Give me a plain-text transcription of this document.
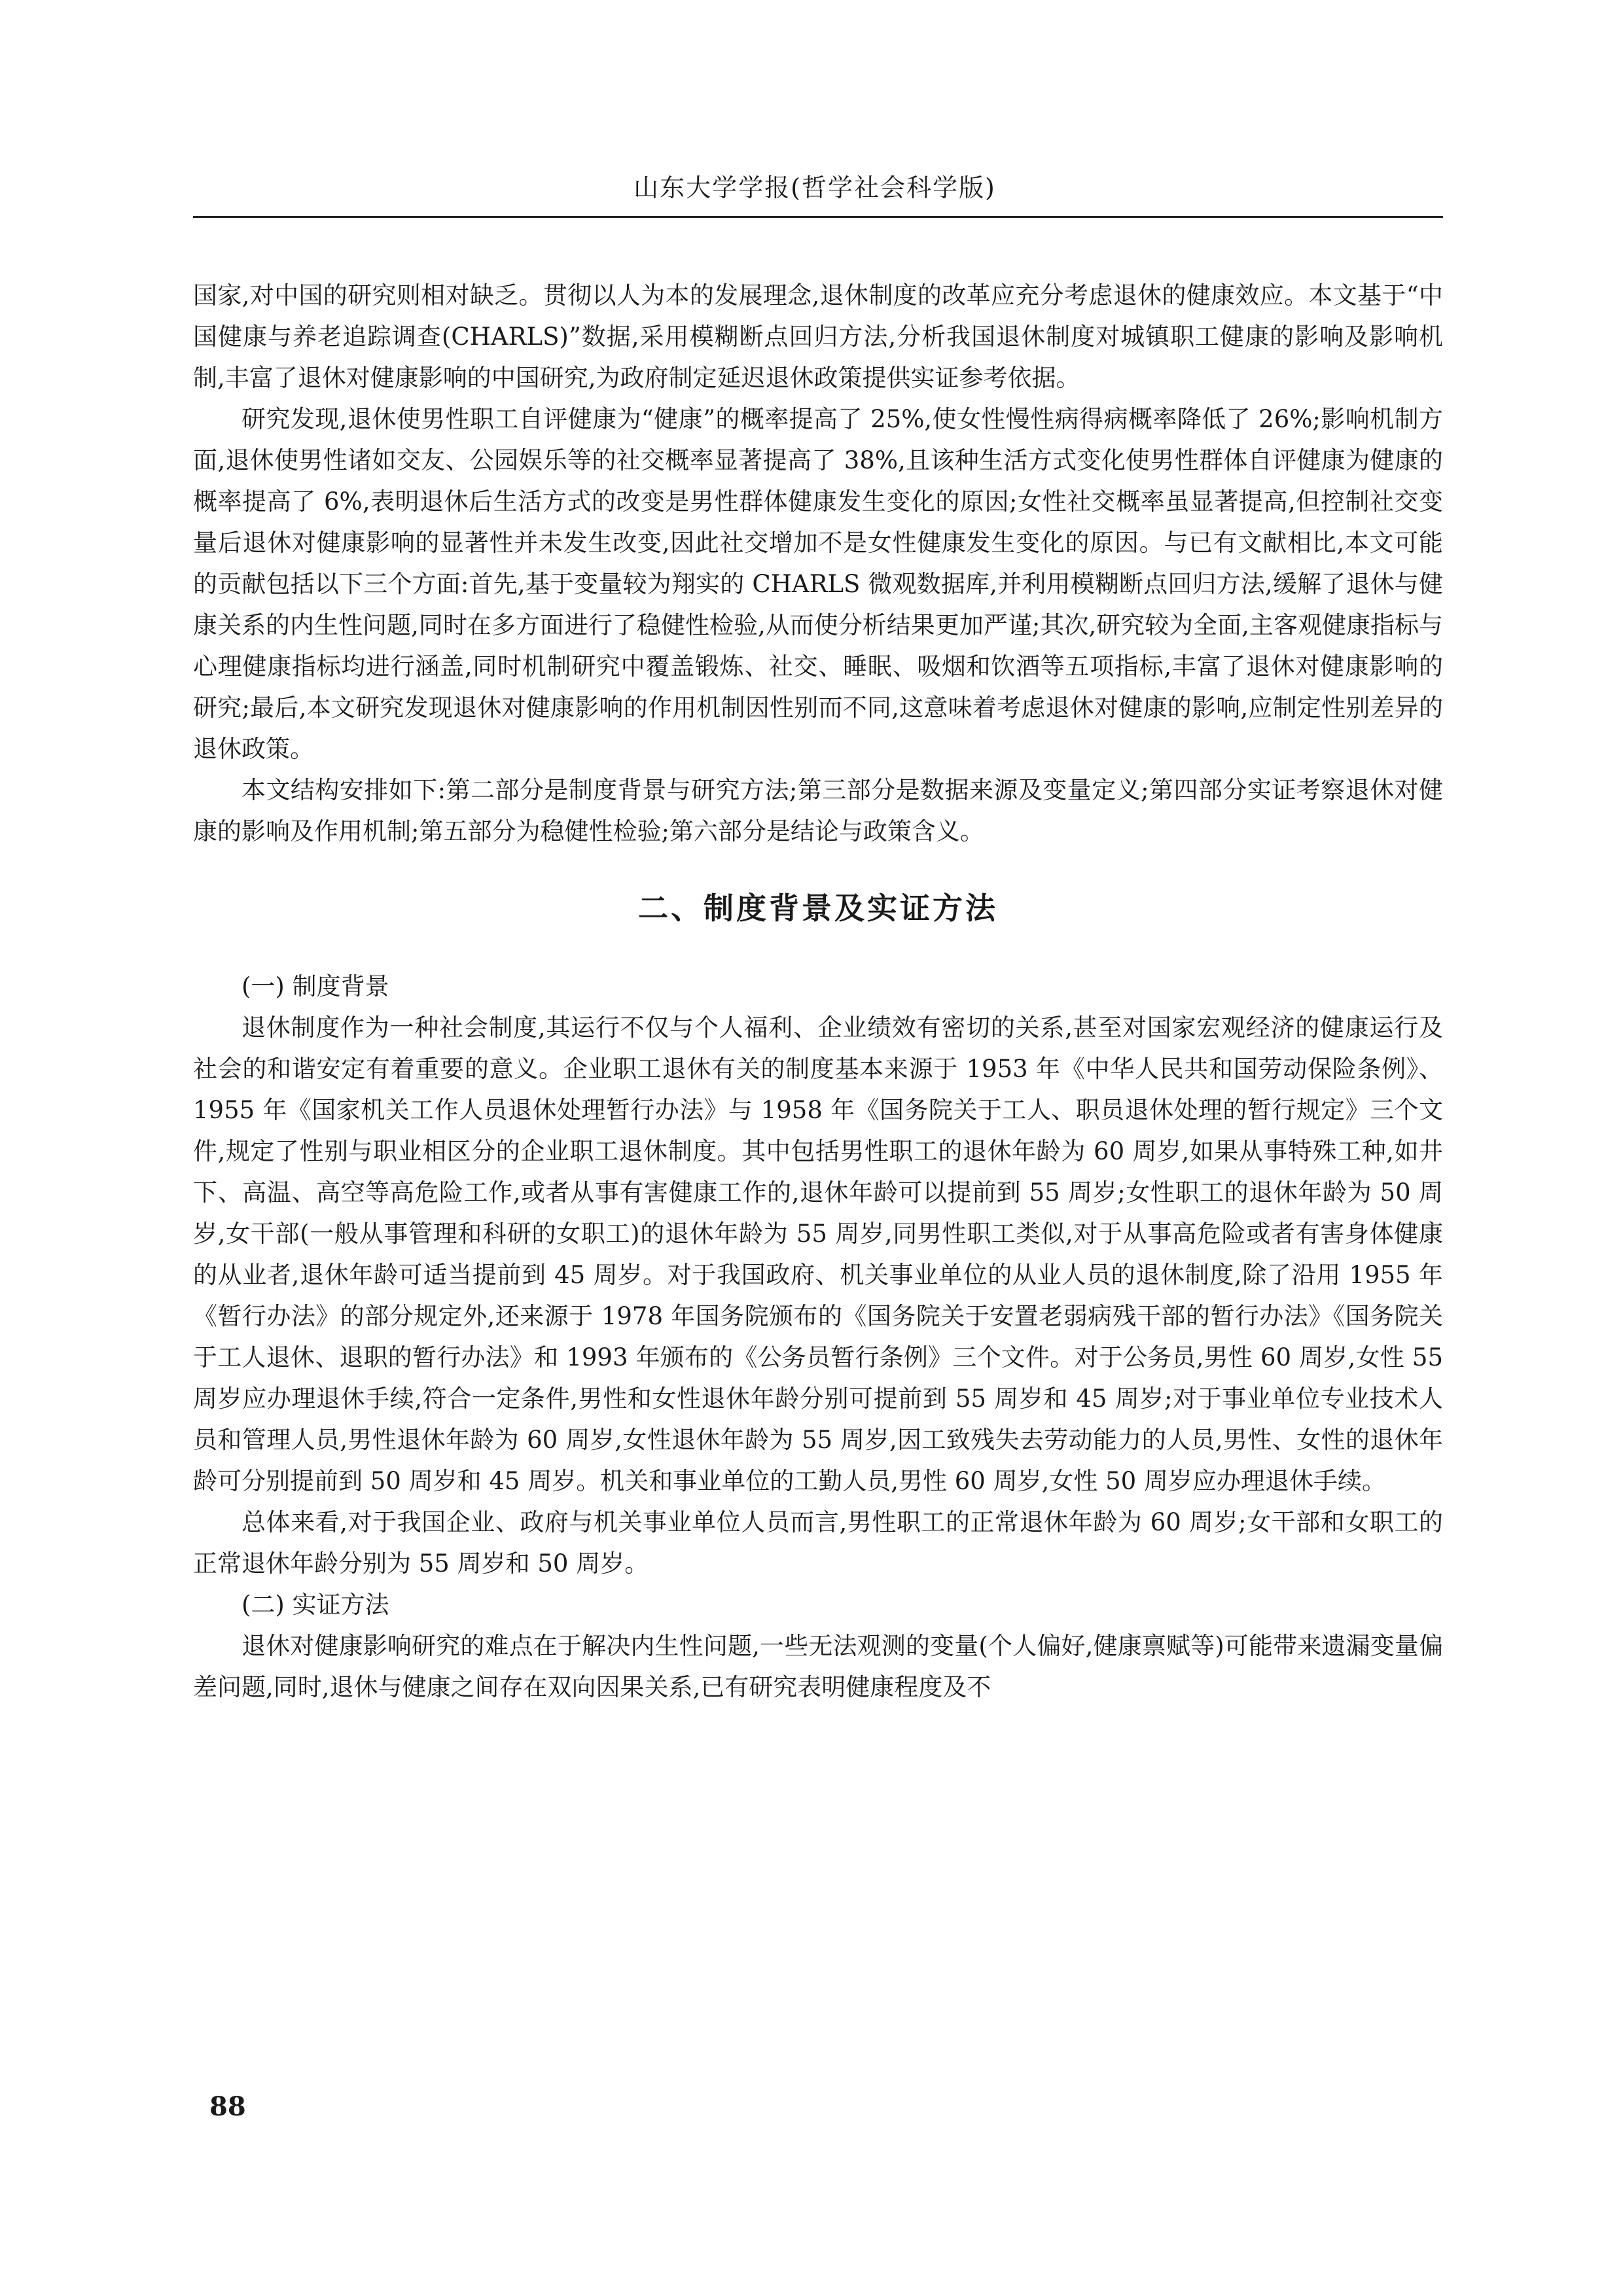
山东大学学报(哲学社会科学版)

国家,对中国的研究则相对缺乏。贯彻以人为本的发展理念,退休制度的改革应充分考虑退休的健康效应。本文基于“中国健康与养老追踪调查(CHARLS)”数据,采用模糊断点回归方法,分析我国退休制度对城镇职工健康的影响及影响机制,丰富了退休对健康影响的中国研究,为政府制定延迟退休政策提供实证参考依据。

研究发现,退休使男性职工自评健康为“健康”的概率提高了 25%,使女性慢性病得病概率降低了 26%;影响机制方面,退休使男性诸如交友、公园娱乐等的社交概率显著提高了 38%,且该种生活方式变化使男性群体自评健康为健康的概率提高了 6%,表明退休后生活方式的改变是男性群体健康发生变化的原因;女性社交概率虽显著提高,但控制社交变量后退休对健康影响的显著性并未发生改变,因此社交增加不是女性健康发生变化的原因。与已有文献相比,本文可能的贡献包括以下三个方面:首先,基于变量较为翔实的 CHARLS 微观数据库,并利用模糊断点回归方法,缓解了退休与健康关系的内生性问题,同时在多方面进行了稳健性检验,从而使分析结果更加严谨;其次,研究较为全面,主客观健康指标与心理健康指标均进行涵盖,同时机制研究中覆盖锻炼、社交、睡眠、吸烟和饮酒等五项指标,丰富了退休对健康影响的研究;最后,本文研究发现退休对健康影响的作用机制因性别而不同,这意味着考虑退休对健康的影响,应制定性别差异的退休政策。

本文结构安排如下:第二部分是制度背景与研究方法;第三部分是数据来源及变量定义;第四部分实证考察退休对健康的影响及作用机制;第五部分为稳健性检验;第六部分是结论与政策含义。

二、制度背景及实证方法

(一) 制度背景

退休制度作为一种社会制度,其运行不仅与个人福利、企业绩效有密切的关系,甚至对国家宏观经济的健康运行及社会的和谐安定有着重要的意义。企业职工退休有关的制度基本来源于 1953 年《中华人民共和国劳动保险条例》、1955 年《国家机关工作人员退休处理暂行办法》与 1958 年《国务院关于工人、职员退休处理的暂行规定》三个文件,规定了性别与职业相区分的企业职工退休制度。其中包括男性职工的退休年龄为 60 周岁,如果从事特殊工种,如井下、高温、高空等高危险工作,或者从事有害健康工作的,退休年龄可以提前到 55 周岁;女性职工的退休年龄为 50 周岁,女干部(一般从事管理和科研的女职工)的退休年龄为 55 周岁,同男性职工类似,对于从事高危险或者有害身体健康的从业者,退休年龄可适当提前到 45 周岁。对于我国政府、机关事业单位的从业人员的退休制度,除了沿用 1955 年《暂行办法》的部分规定外,还来源于 1978 年国务院颁布的《国务院关于安置老弱病残干部的暂行办法》《国务院关于工人退休、退职的暂行办法》和 1993 年颁布的《公务员暂行条例》三个文件。对于公务员,男性 60 周岁,女性 55 周岁应办理退休手续,符合一定条件,男性和女性退休年龄分别可提前到 55 周岁和 45 周岁;对于事业单位专业技术人员和管理人员,男性退休年龄为 60 周岁,女性退休年龄为 55 周岁,因工致残失去劳动能力的人员,男性、女性的退休年龄可分别提前到 50 周岁和 45 周岁。机关和事业单位的工勤人员,男性 60 周岁,女性 50 周岁应办理退休手续。

总体来看,对于我国企业、政府与机关事业单位人员而言,男性职工的正常退休年龄为 60 周岁;女干部和女职工的正常退休年龄分别为 55 周岁和 50 周岁。

(二) 实证方法

退休对健康影响研究的难点在于解决内生性问题,一些无法观测的变量(个人偏好,健康禀赋等)可能带来遗漏变量偏差问题,同时,退休与健康之间存在双向因果关系,已有研究表明健康程度及不

88
